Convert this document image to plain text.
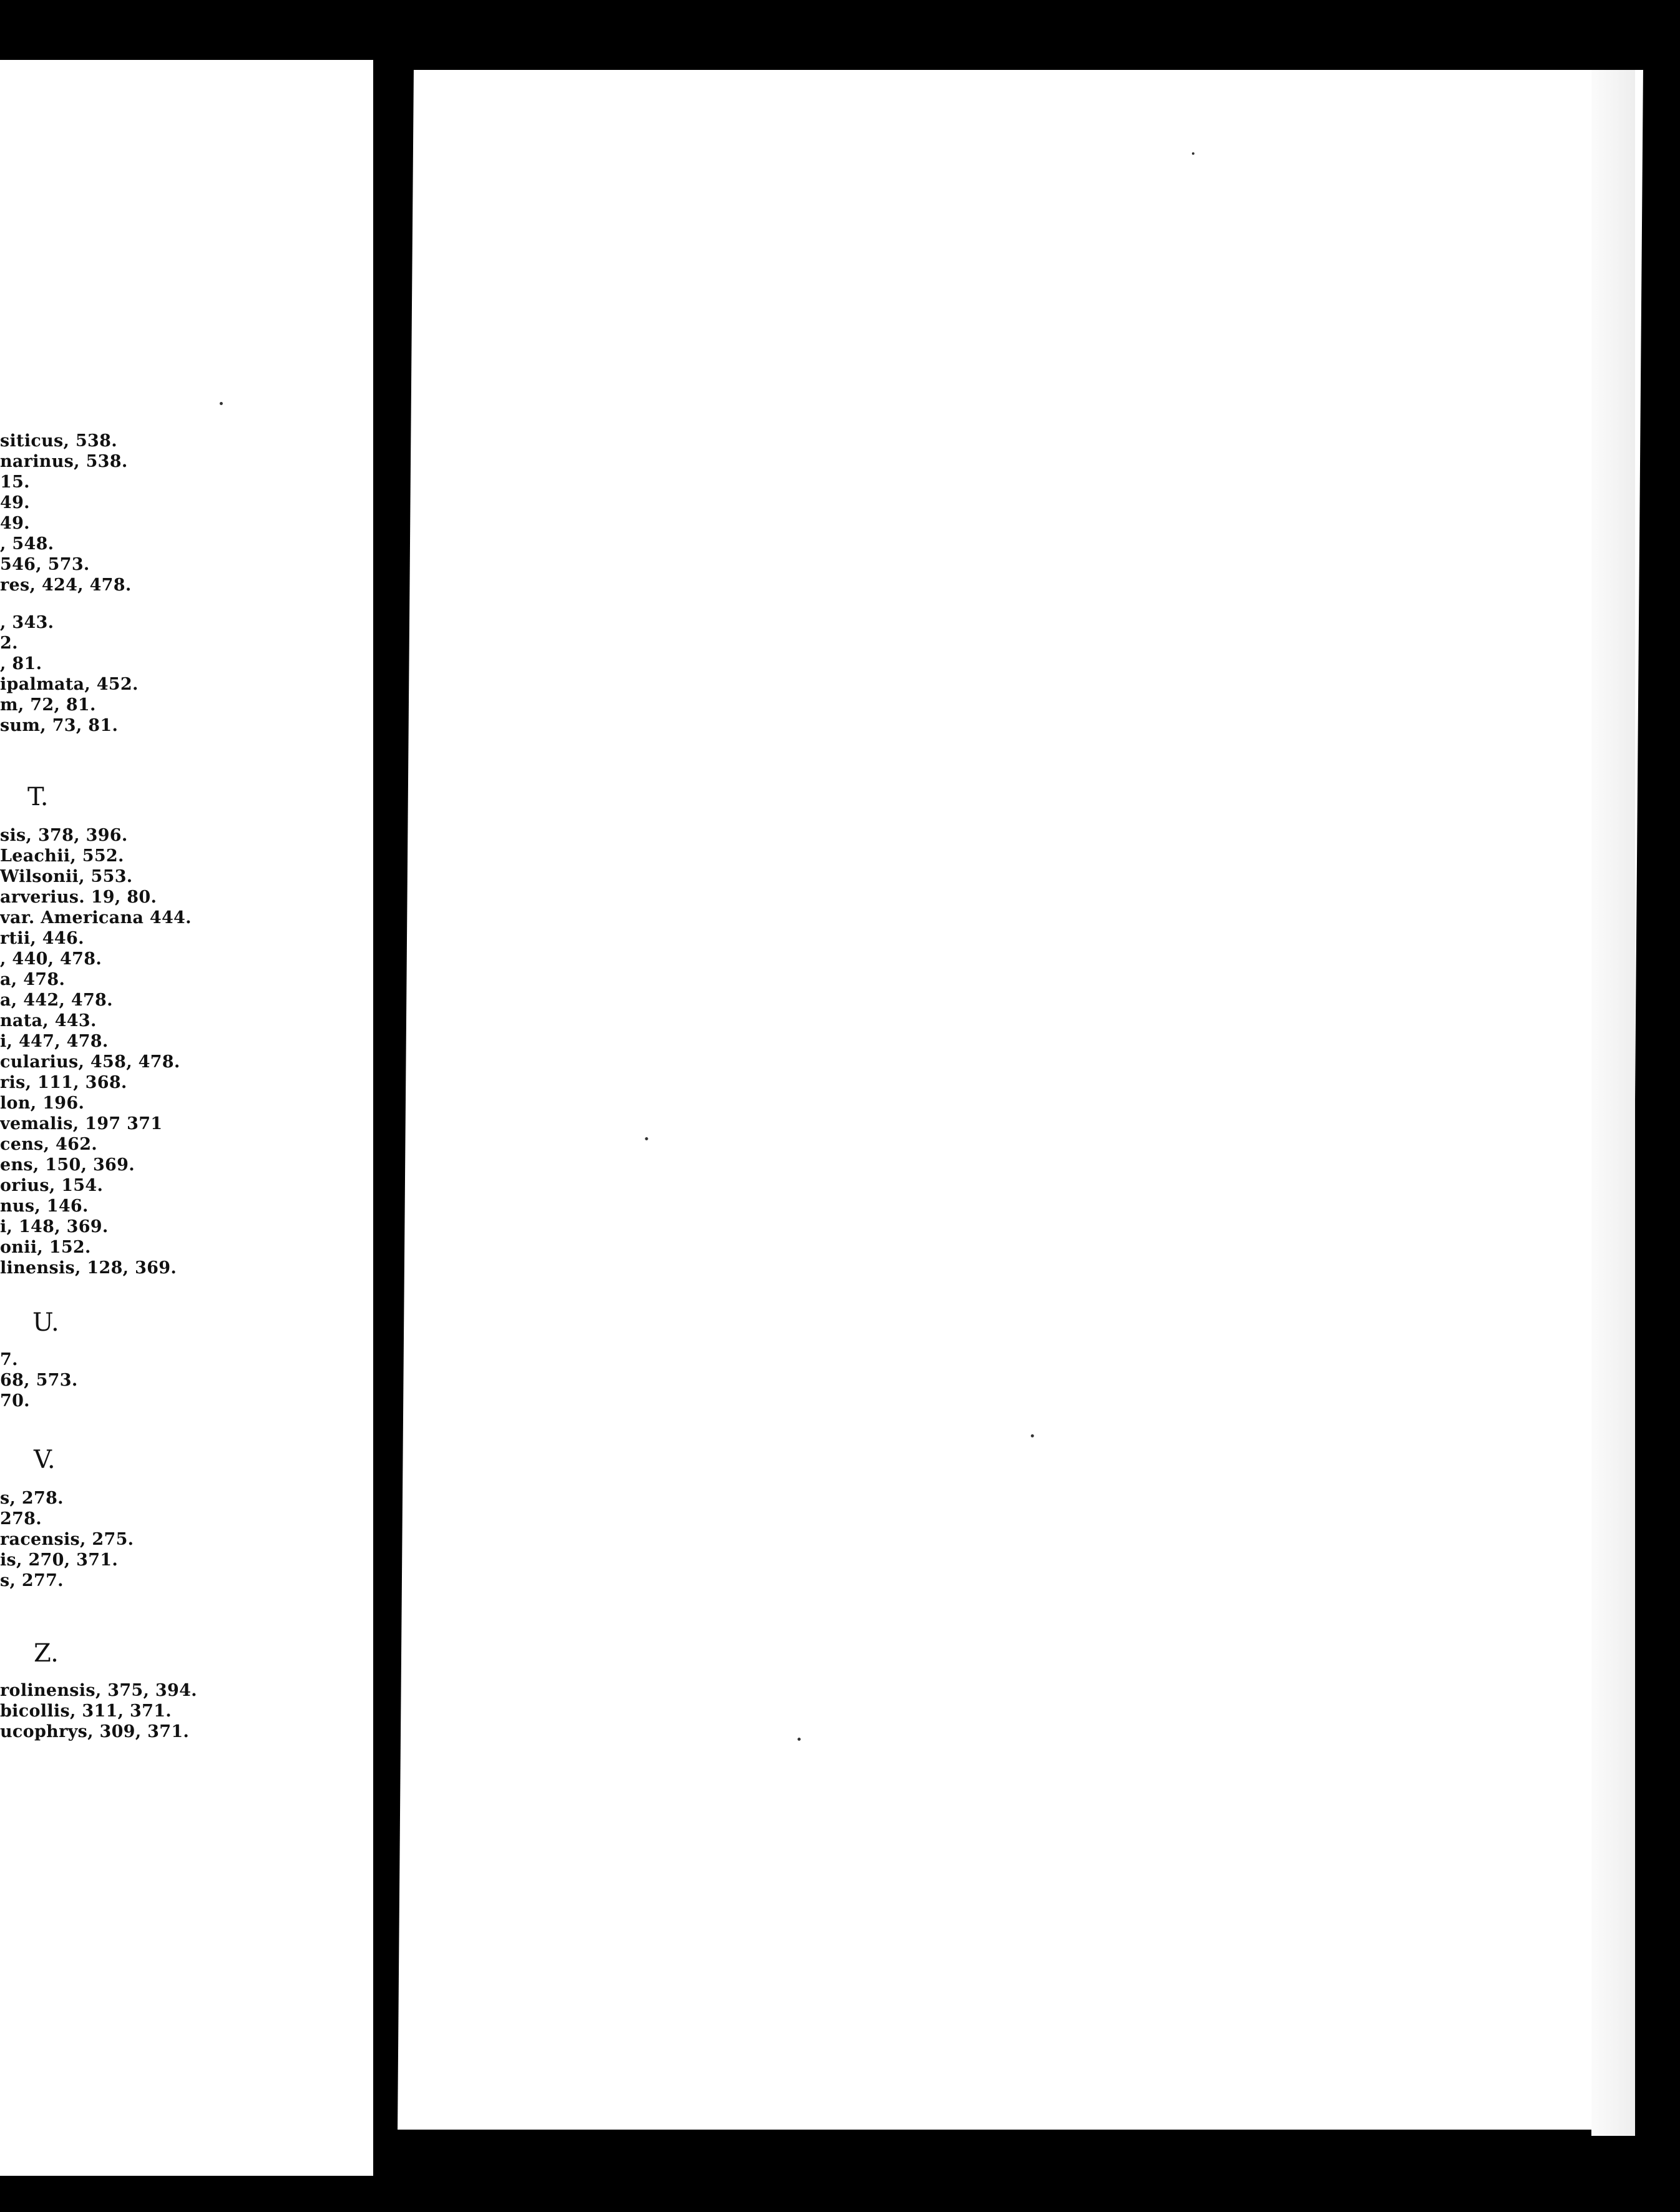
siticus, 538.
narinus, 538.
15.
49.
49.
, 548.
546, 573.
res, 424, 478.
, 343.
2.
, 81.
ipalmata, 452.
m, 72, 81.
sum, 73, 81.
T.
sis, 378, 396.
Leachii, 552.
Wilsonii, 553.
arverius. 19, 80.
var. Americana 444.
rtii, 446.
, 440, 478.
a, 478.
a, 442, 478.
nata, 443.
i, 447, 478.
cularius, 458, 478.
ris, 111, 368.
lon, 196.
vemalis, 197 371
cens, 462.
ens, 150, 369.
orius, 154.
nus, 146.
i, 148, 369.
onii, 152.
linensis, 128, 369.
U.
7.
68, 573.
70.
V.
s, 278.
278.
racensis, 275.
is, 270, 371.
s, 277.
Z.
rolinensis, 375, 394.
bicollis, 311, 371.
ucophrys, 309, 371.
